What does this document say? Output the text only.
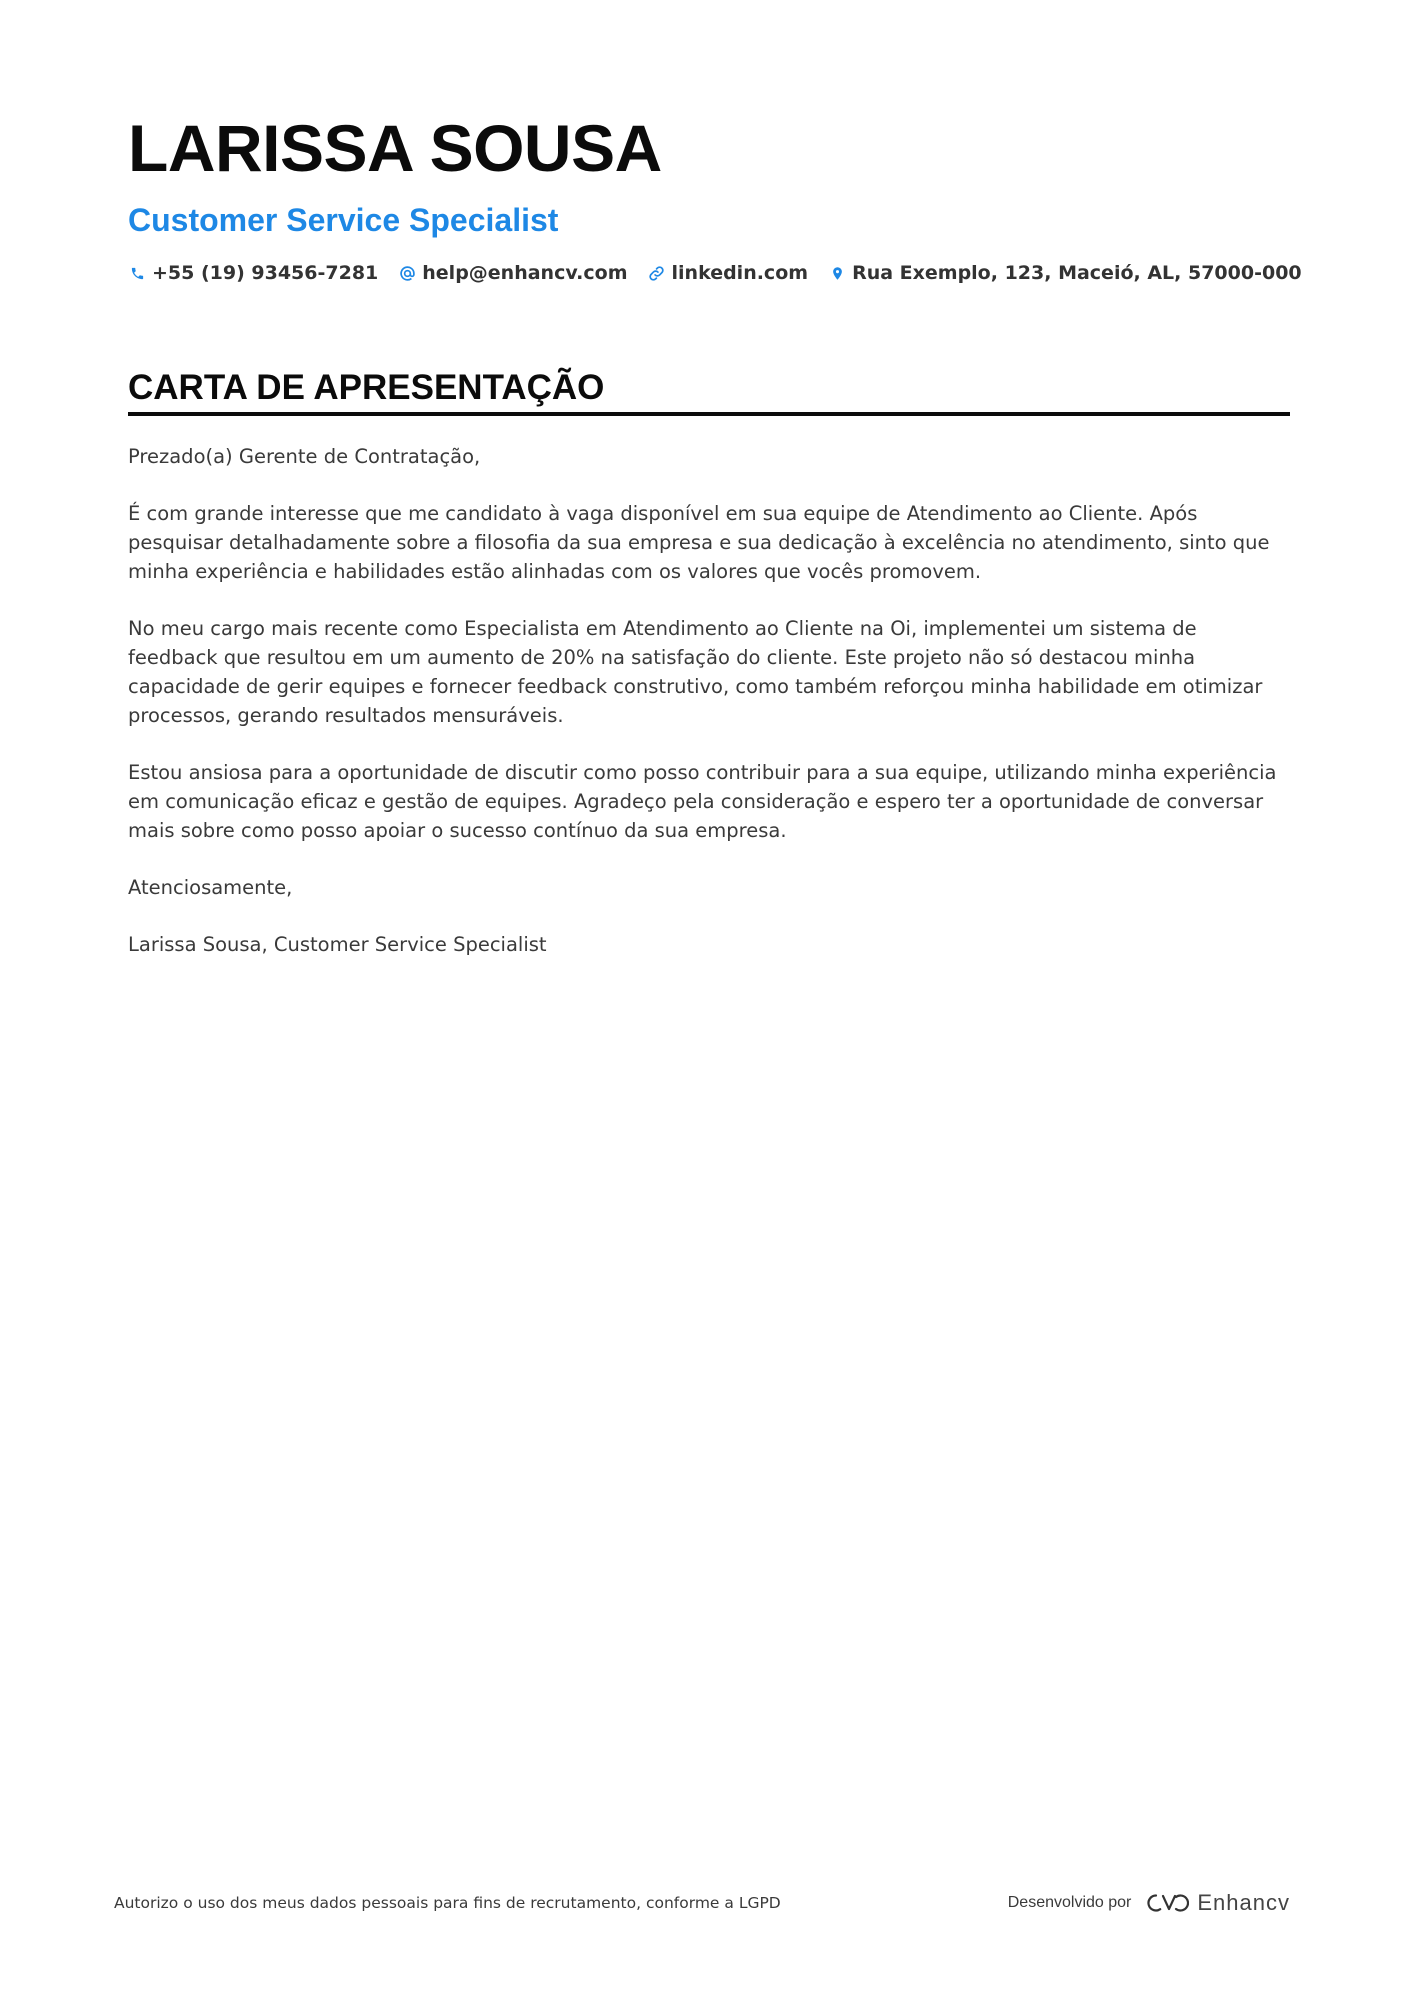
LARISSA SOUSA
Customer Service Specialist
+55 (19) 93456-7281 help@enhancv.com linkedin.com Rua Exemplo, 123, Maceió, AL, 57000-000
CARTA DE APRESENTAÇÃO

Prezado(a) Gerente de Contratação,

É com grande interesse que me candidato à vaga disponível em sua equipe de Atendimento ao Cliente. Após pesquisar detalhadamente sobre a filosofia da sua empresa e sua dedicação à excelência no atendimento, sinto que minha experiência e habilidades estão alinhadas com os valores que vocês promovem.

No meu cargo mais recente como Especialista em Atendimento ao Cliente na Oi, implementei um sistema de feedback que resultou em um aumento de 20% na satisfação do cliente. Este projeto não só destacou minha capacidade de gerir equipes e fornecer feedback construtivo, como também reforçou minha habilidade em otimizar processos, gerando resultados mensuráveis.

Estou ansiosa para a oportunidade de discutir como posso contribuir para a sua equipe, utilizando minha experiência em comunicação eficaz e gestão de equipes. Agradeço pela consideração e espero ter a oportunidade de conversar mais sobre como posso apoiar o sucesso contínuo da sua empresa.

Atenciosamente,

Larissa Sousa, Customer Service Specialist

Autorizo o uso dos meus dados pessoais para fins de recrutamento, conforme a LGPD	Desenvolvido por	Enhancv
